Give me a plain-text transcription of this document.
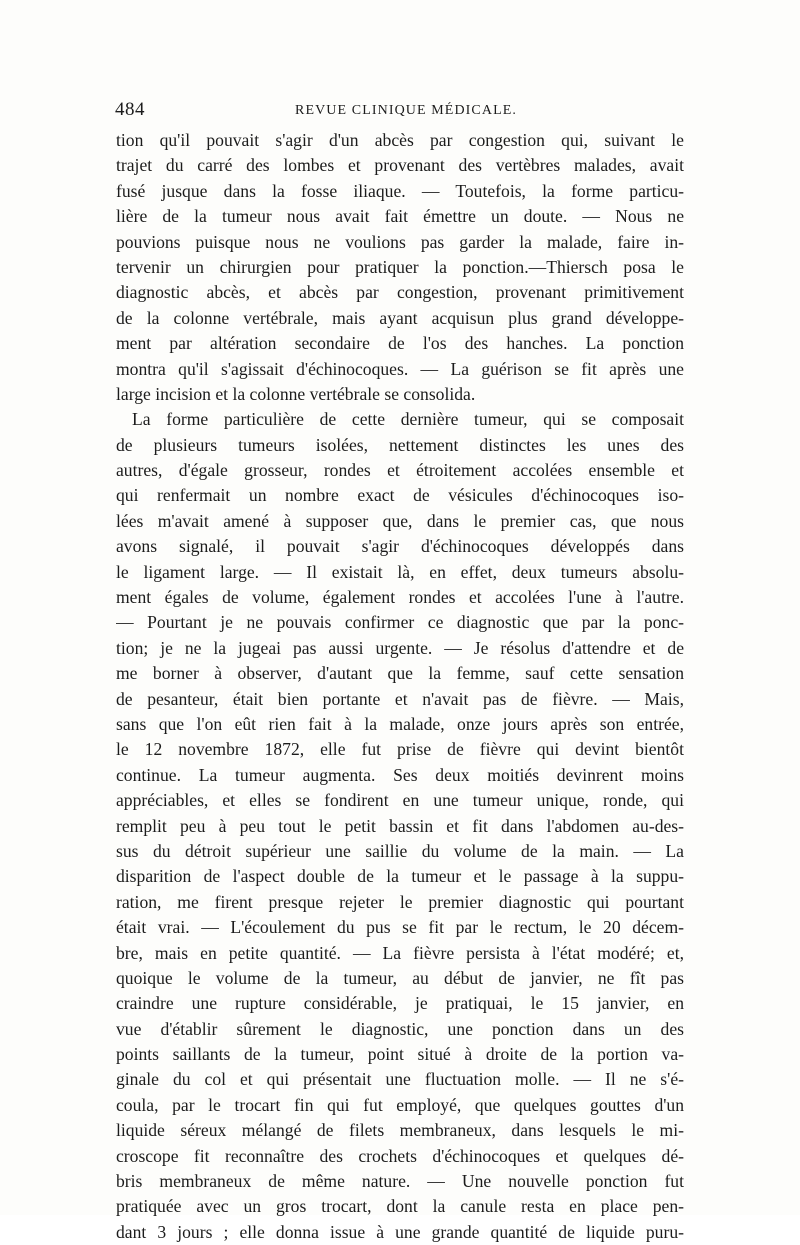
484	REVUE CLINIQUE MÉDICALE.
tion qu'il pouvait s'agir d'un abcès par congestion qui, suivant le
trajet du carré des lombes et provenant des vertèbres malades, avait
fusé jusque dans la fosse iliaque. — Toutefois, la forme particu-
lière de la tumeur nous avait fait émettre un doute. — Nous ne
pouvions puisque nous ne voulions pas garder la malade, faire in-
tervenir un chirurgien pour pratiquer la ponction.—Thiersch posa le
diagnostic abcès, et abcès par congestion, provenant primitivement
de la colonne vertébrale, mais ayant acquisun plus grand développe-
ment par altération secondaire de l'os des hanches. La ponction
montra qu'il s'agissait d'échinocoques. — La guérison se fit après une
large incision et la colonne vertébrale se consolida.
La forme particulière de cette dernière tumeur, qui se composait
de plusieurs tumeurs isolées, nettement distinctes les unes des
autres, d'égale grosseur, rondes et étroitement accolées ensemble et
qui renfermait un nombre exact de vésicules d'échinocoques iso-
lées m'avait amené à supposer que, dans le premier cas, que nous
avons signalé, il pouvait s'agir d'échinocoques développés dans
le ligament large. — Il existait là, en effet, deux tumeurs absolu-
ment égales de volume, également rondes et accolées l'une à l'autre.
— Pourtant je ne pouvais confirmer ce diagnostic que par la ponc-
tion; je ne la jugeai pas aussi urgente. — Je résolus d'attendre et de
me borner à observer, d'autant que la femme, sauf cette sensation
de pesanteur, était bien portante et n'avait pas de fièvre. — Mais,
sans que l'on eût rien fait à la malade, onze jours après son entrée,
le 12 novembre 1872, elle fut prise de fièvre qui devint bientôt
continue. La tumeur augmenta. Ses deux moitiés devinrent moins
appréciables, et elles se fondirent en une tumeur unique, ronde, qui
remplit peu à peu tout le petit bassin et fit dans l'abdomen au-des-
sus du détroit supérieur une saillie du volume de la main. — La
disparition de l'aspect double de la tumeur et le passage à la suppu-
ration, me firent presque rejeter le premier diagnostic qui pourtant
était vrai. — L'écoulement du pus se fit par le rectum, le 20 décem-
bre, mais en petite quantité. — La fièvre persista à l'état modéré; et,
quoique le volume de la tumeur, au début de janvier, ne fît pas
craindre une rupture considérable, je pratiquai, le 15 janvier, en
vue d'établir sûrement le diagnostic, une ponction dans un des
points saillants de la tumeur, point situé à droite de la portion va-
ginale du col et qui présentait une fluctuation molle. — Il ne s'é-
coula, par le trocart fin qui fut employé, que quelques gouttes d'un
liquide séreux mélangé de filets membraneux, dans lesquels le mi-
croscope fit reconnaître des crochets d'échinocoques et quelques dé-
bris membraneux de même nature. — Une nouvelle ponction fut
pratiquée avec un gros trocart, dont la canule resta en place pen-
dant 3 jours ; elle donna issue à une grande quantité de liquide puru-
